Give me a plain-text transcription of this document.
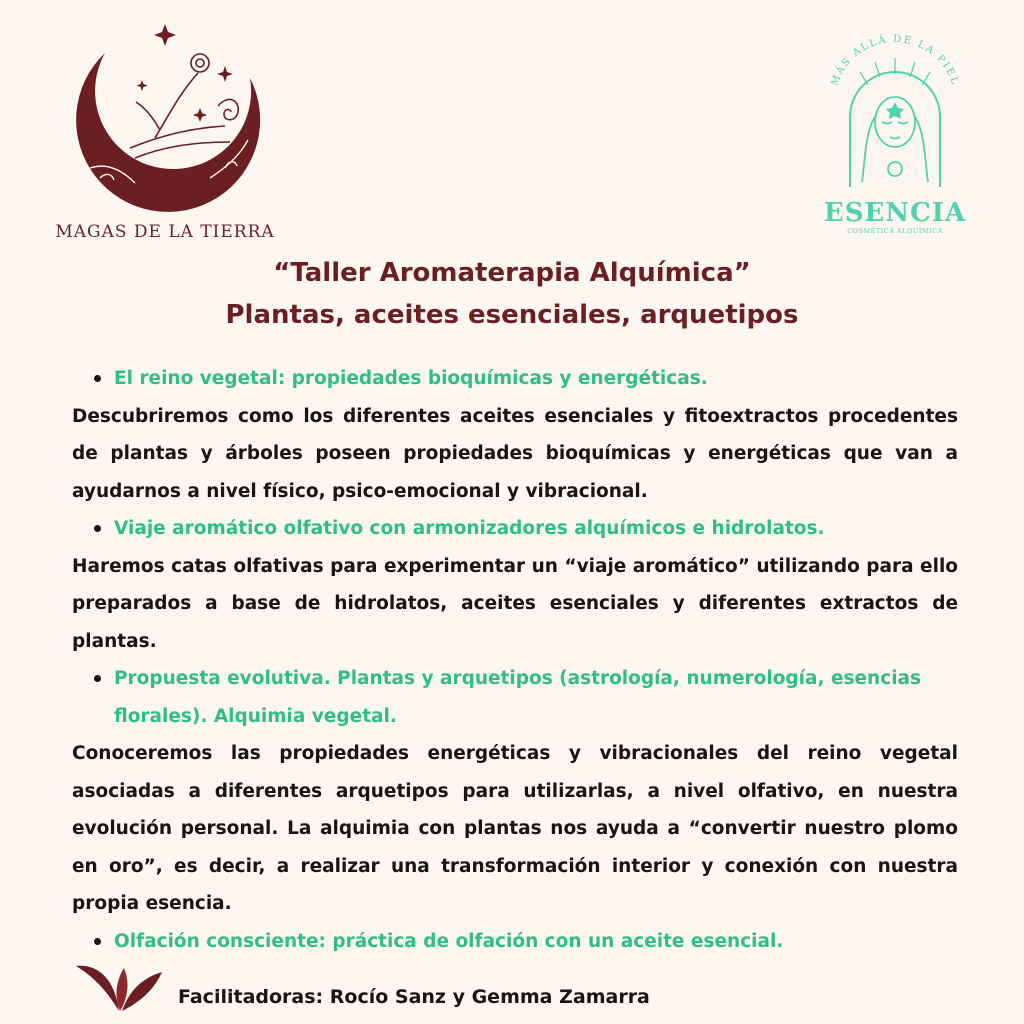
MAGAS DE LA TIERRA
MÁS ALLÁ DE LA PIEL
ESENCIA
COSMÉTICA ALQUÍMICA
“Taller Aromaterapia Alquímica”
Plantas, aceites esenciales, arquetipos

El reino vegetal: propiedades bioquímicas y energéticas.

Descubriremos como los diferentes aceites esenciales y fitoextractos procedentes de plantas y árboles poseen propiedades bioquímicas y energéticas que van a ayudarnos a nivel físico, psico-emocional y vibracional.

Viaje aromático olfativo con armonizadores alquímicos e hidrolatos.

Haremos catas olfativas para experimentar un “viaje aromático” utilizando para ello preparados a base de hidrolatos, aceites esenciales y diferentes extractos de plantas.

Propuesta evolutiva. Plantas y arquetipos (astrología, numerología, esencias florales). Alquimia vegetal.

Conoceremos las propiedades energéticas y vibracionales del reino vegetal asociadas a diferentes arquetipos para utilizarlas, a nivel olfativo, en nuestra evolución personal. La alquimia con plantas nos ayuda a “convertir nuestro plomo en oro”, es decir, a realizar una transformación interior y conexión con nuestra propia esencia.

Olfación consciente: práctica de olfación con un aceite esencial.

Facilitadoras: Rocío Sanz y Gemma Zamarra
